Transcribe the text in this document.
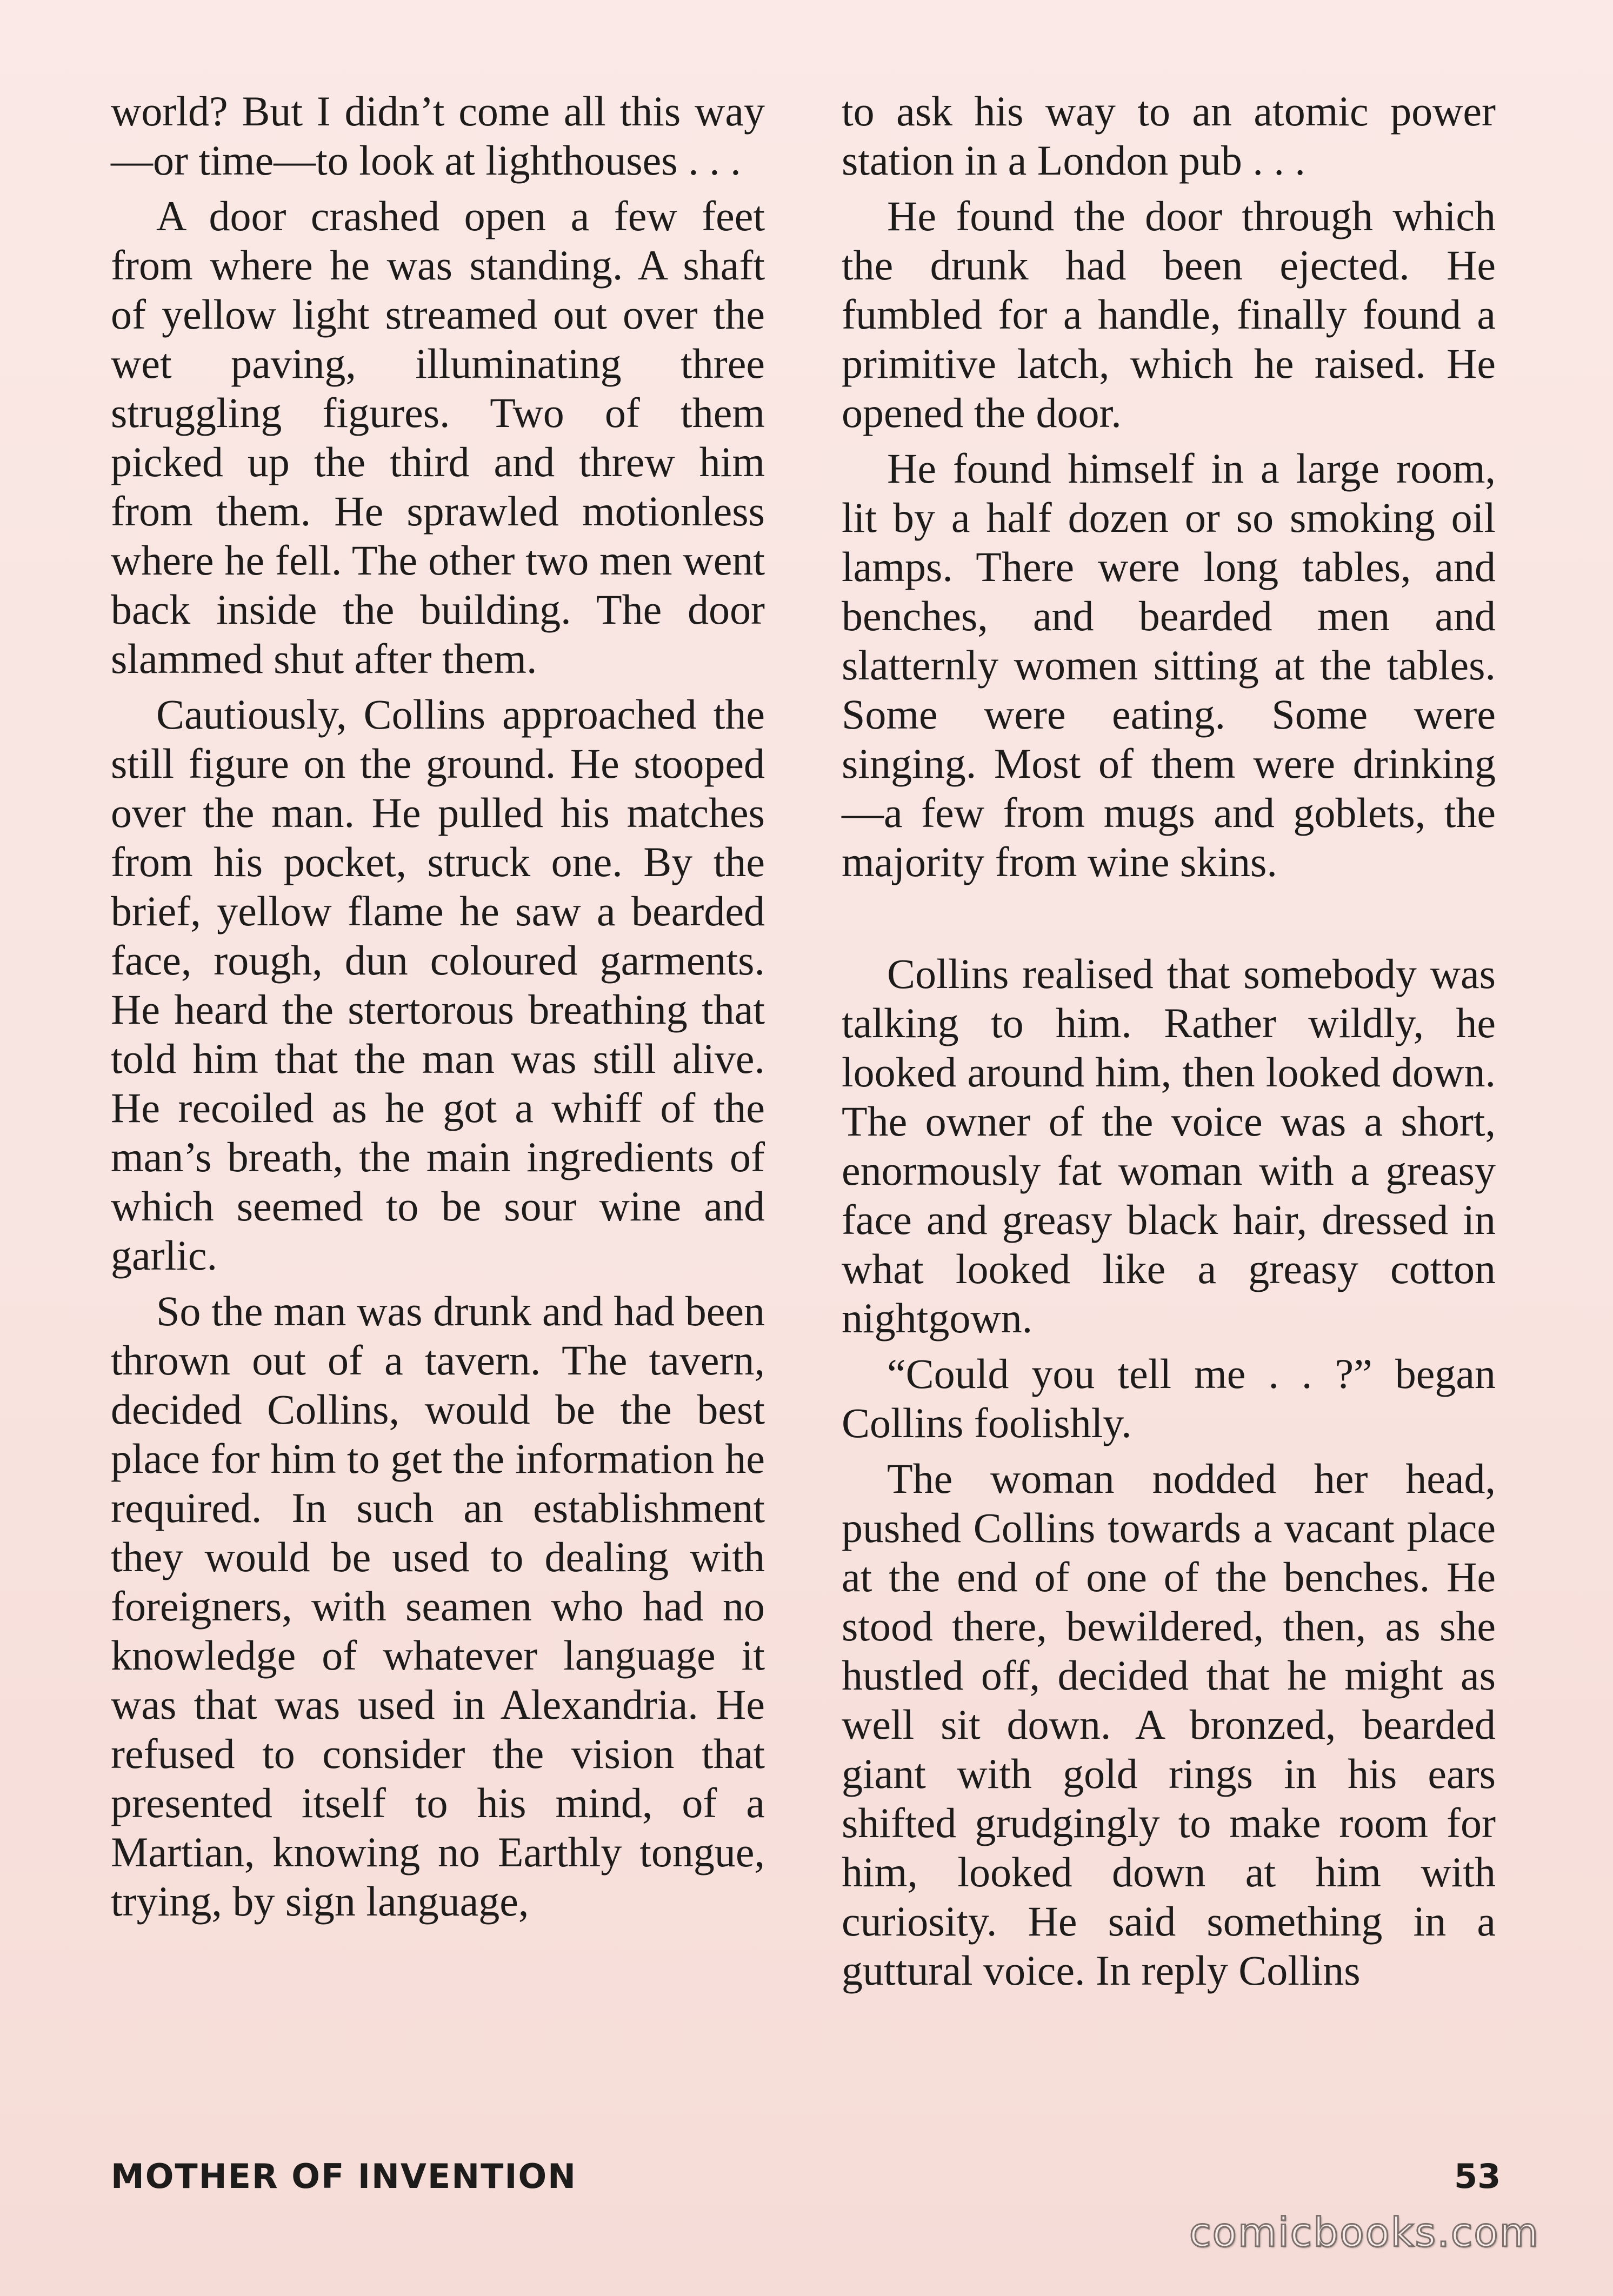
world? But I didn’t come all this way—or time—to look at lighthouses . . .

A door crashed open a few feet from where he was standing. A shaft of yellow light streamed out over the wet paving, illuminating three struggling figures. Two of them picked up the third and threw him from them. He sprawled motionless where he fell. The other two men went back inside the building. The door slammed shut after them.

Cautiously, Collins approached the still figure on the ground. He stooped over the man. He pulled his matches from his pocket, struck one. By the brief, yellow flame he saw a bearded face, rough, dun coloured garments. He heard the stertorous breathing that told him that the man was still alive. He recoiled as he got a whiff of the man’s breath, the main ingredients of which seemed to be sour wine and garlic.

So the man was drunk and had been thrown out of a tavern. The tavern, decided Collins, would be the best place for him to get the information he required. In such an establishment they would be used to dealing with foreigners, with seamen who had no knowledge of whatever language it was that was used in Alexandria. He refused to consider the vision that presented itself to his mind, of a Martian, knowing no Earthly tongue, trying, by sign language,

to ask his way to an atomic power station in a London pub . . .

He found the door through which the drunk had been ejected. He fumbled for a handle, finally found a primitive latch, which he raised. He opened the door.

He found himself in a large room, lit by a half dozen or so smoking oil lamps. There were long tables, and benches, and bearded men and slatternly women sitting at the tables. Some were eating. Some were singing. Most of them were drinking—a few from mugs and goblets, the majority from wine skins.

Collins realised that somebody was talking to him. Rather wildly, he looked around him, then looked down. The owner of the voice was a short, enormously fat woman with a greasy face and greasy black hair, dressed in what looked like a greasy cotton nightgown.

“Could you tell me . . ?” began Collins foolishly.

The woman nodded her head, pushed Collins towards a vacant place at the end of one of the benches. He stood there, bewildered, then, as she hustled off, decided that he might as well sit down. A bronzed, bearded giant with gold rings in his ears shifted grudgingly to make room for him, looked down at him with curiosity. He said something in a guttural voice. In reply Collins

MOTHER OF INVENTION	53
comicbooks.com
